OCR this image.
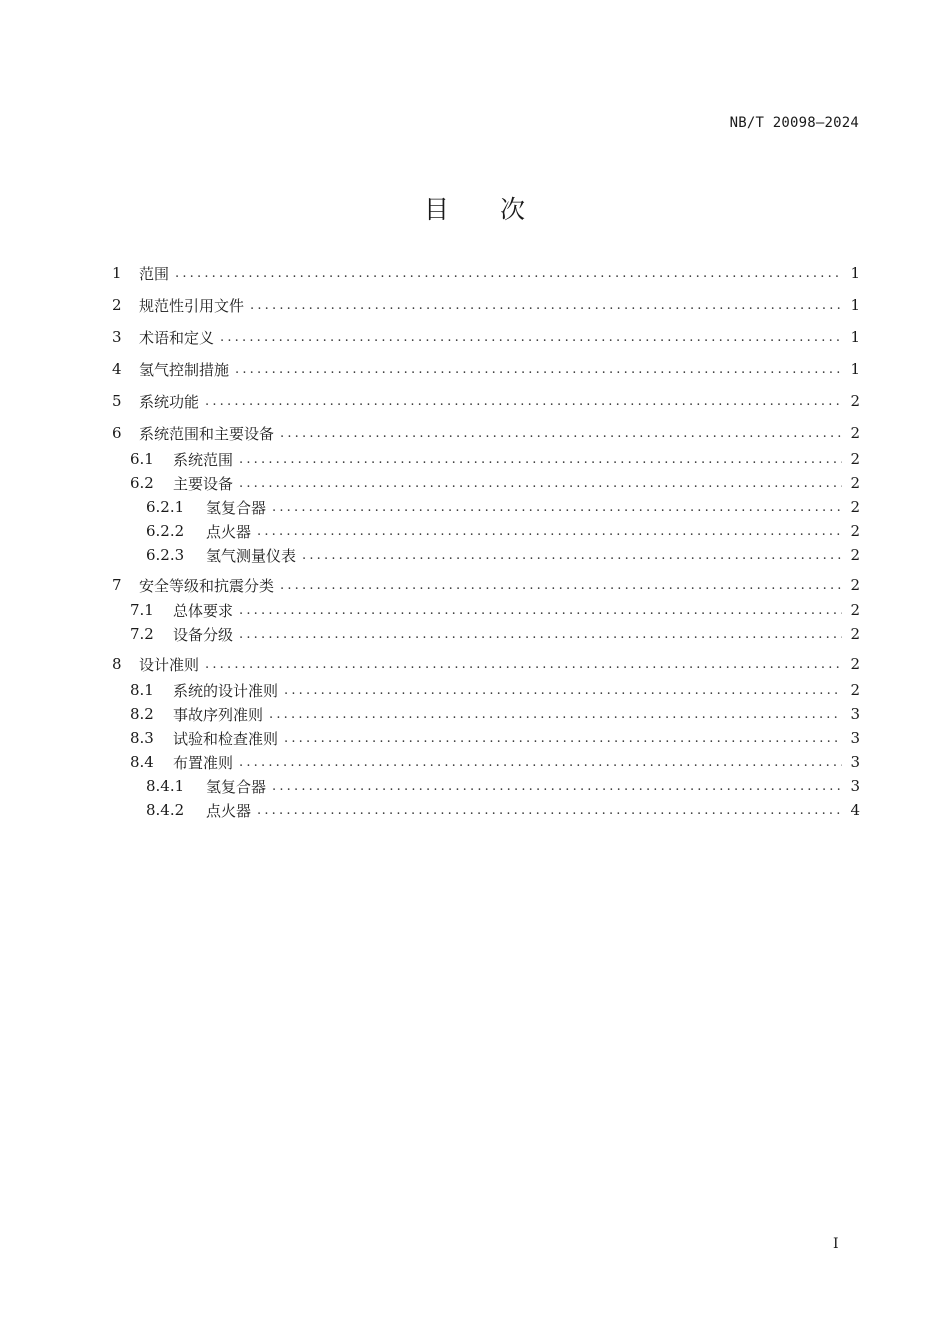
NB/T 20098—2024
目 次
1	范围 .....	1
2	规范性引用文件 .....	1
3	术语和定义 .....	1
4	氢气控制措施 .....	1
5	系统功能 .....	2
6	系统范围和主要设备 .....	2
6.1	系统范围 .....	2
6.2	主要设备 .....	2
6.2.1	氢复合器 .....	2
6.2.2	点火器 .....	2
6.2.3	氢气测量仪表 .....	2
7	安全等级和抗震分类 .....	2
7.1	总体要求 .....	2
7.2	设备分级 .....	2
8	设计准则 .....	2
8.1	系统的设计准则 .....	2
8.2	事故序列准则 .....	3
8.3	试验和检查准则 .....	3
8.4	布置准则 .....	3
8.4.1	氢复合器 .....	3
8.4.2	点火器 .....	4
I
